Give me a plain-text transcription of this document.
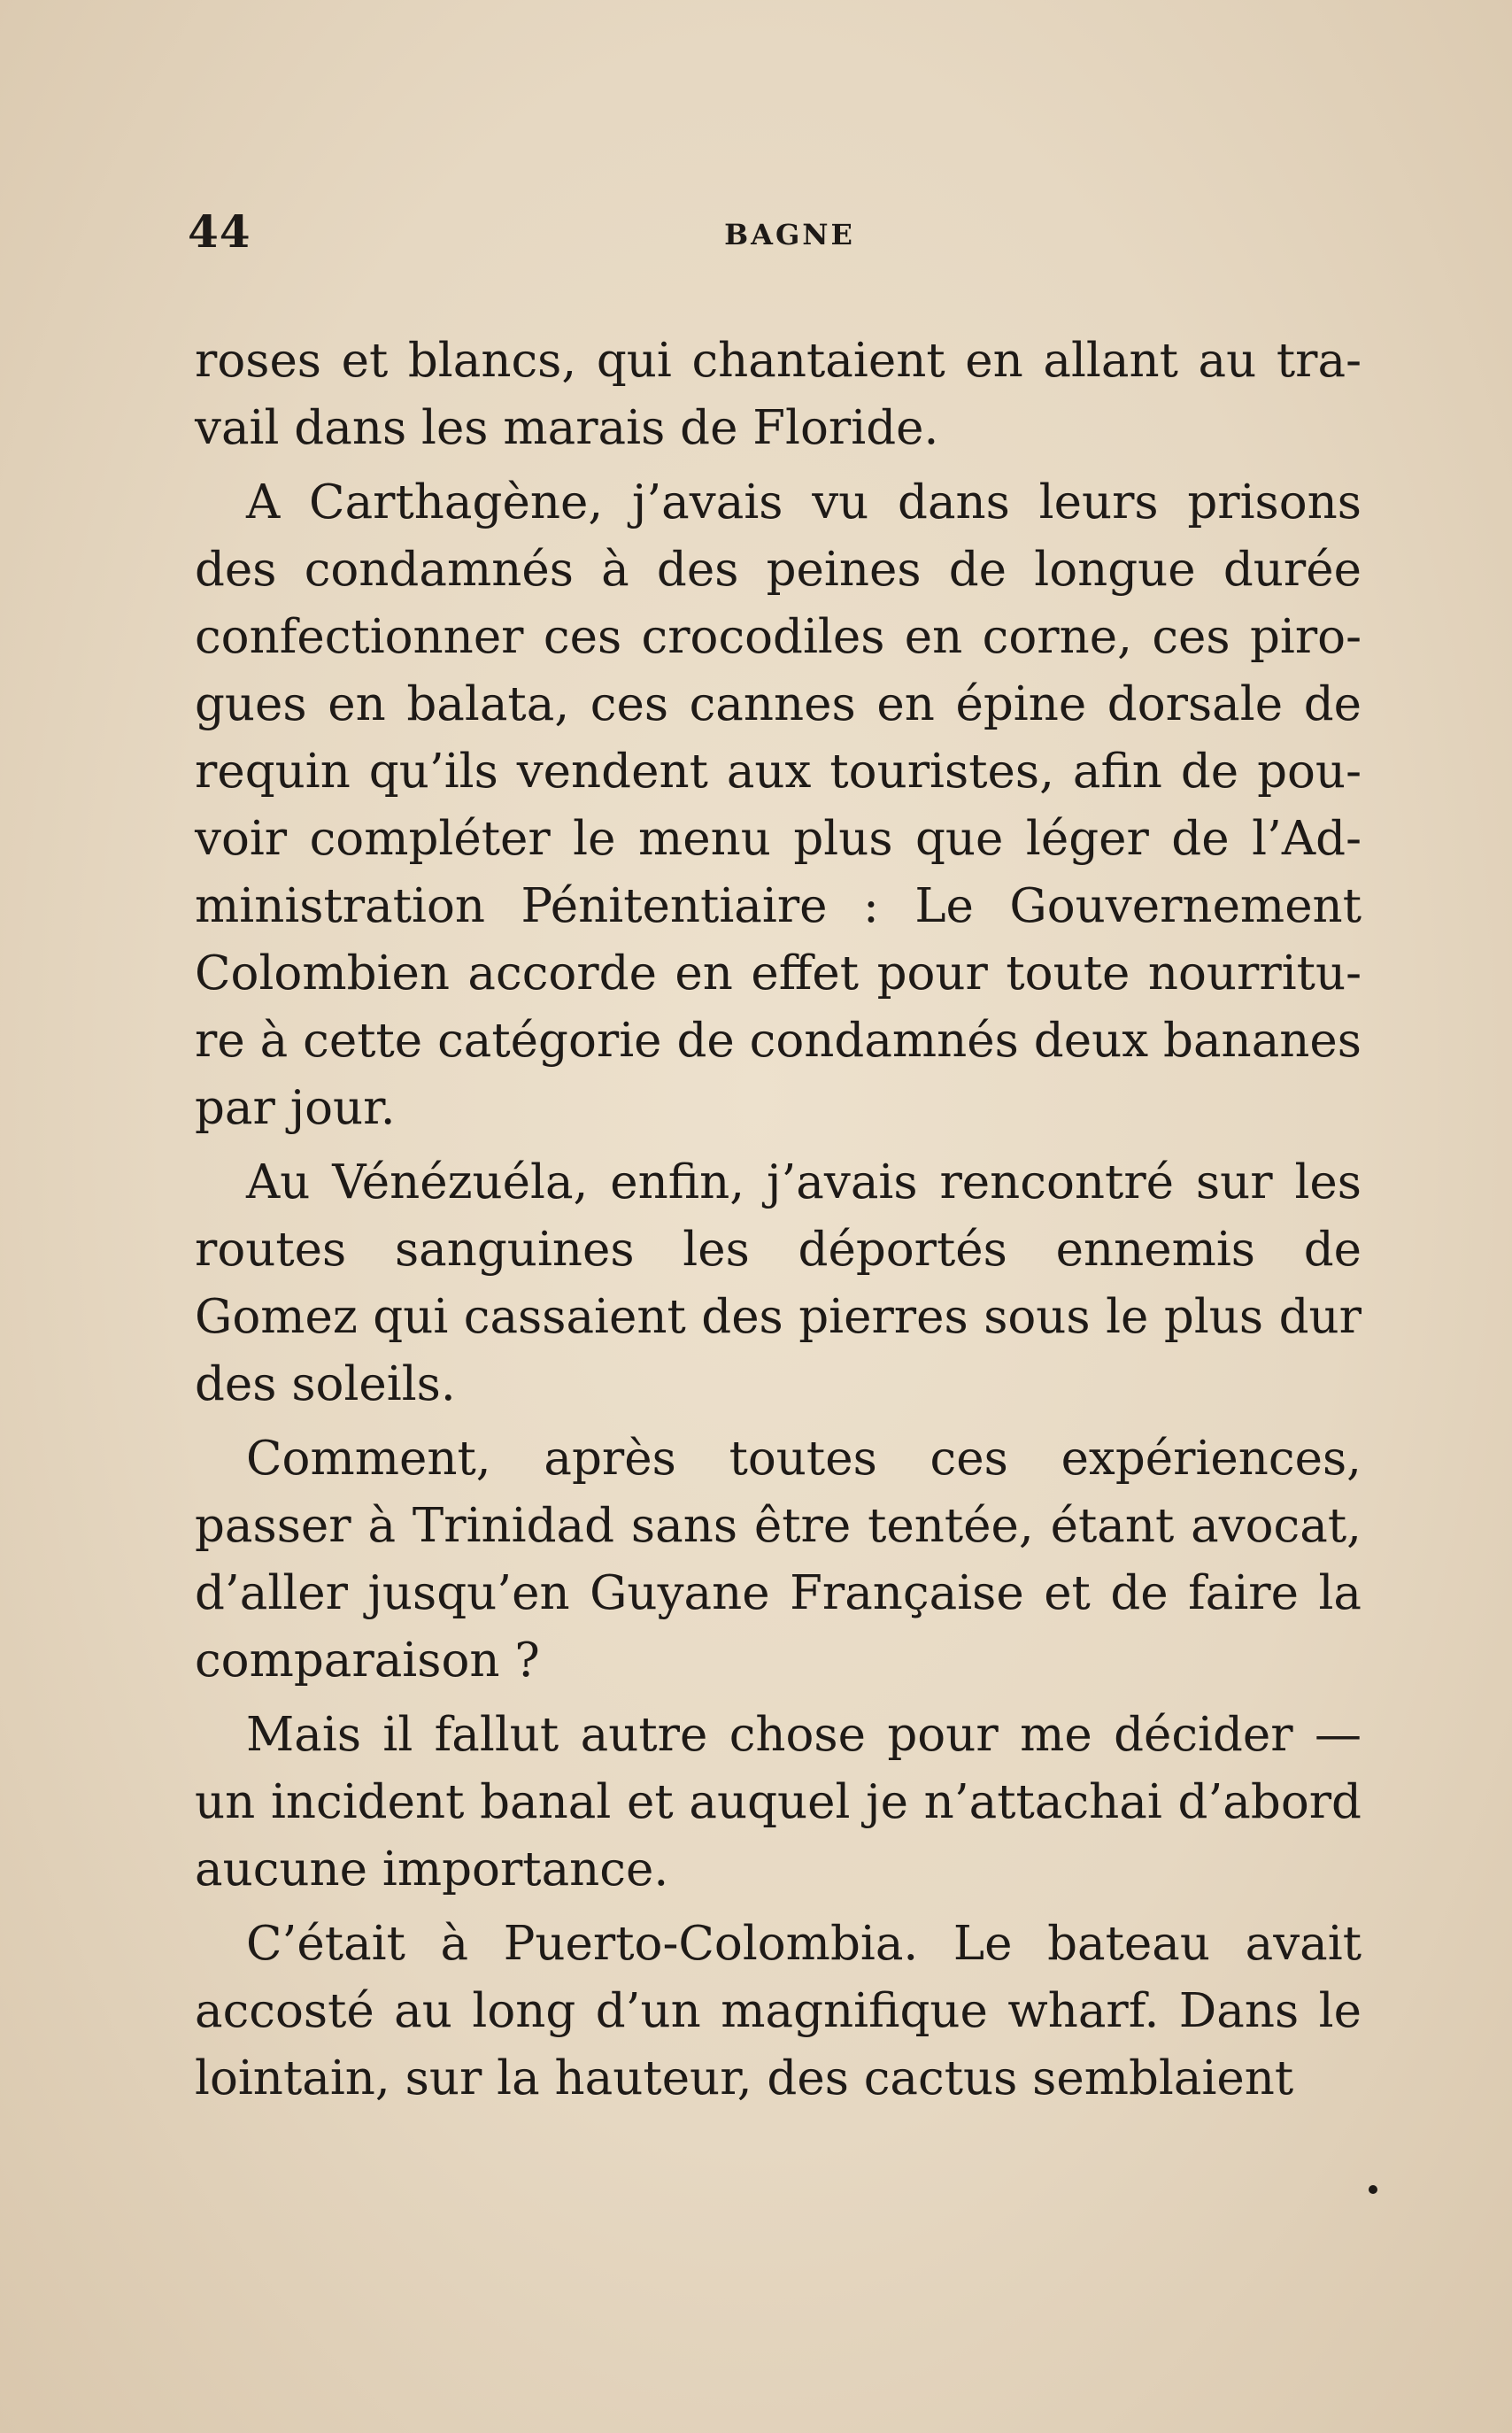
44	BAGNE

roses et blancs, qui chantaient en allant au travail dans les marais de Floride.

A Carthagène, j’avais vu dans leurs prisons des condamnés à des peines de longue durée confectionner ces crocodiles en corne, ces pirogues en balata, ces cannes en épine dorsale de requin qu’ils vendent aux touristes, afin de pouvoir compléter le menu plus que léger de l’Administration Pénitentiaire : Le Gouvernement Colombien accorde en effet pour toute nourriture à cette catégorie de condamnés deux bananes par jour.

Au Vénézuéla, enfin, j’avais rencontré sur les routes sanguines les déportés ennemis de Gomez qui cassaient des pierres sous le plus dur des soleils.

Comment, après toutes ces expériences, passer à Trinidad sans être tentée, étant avocat, d’aller jusqu’en Guyane Française et de faire la comparaison ?

Mais il fallut autre chose pour me décider — un incident banal et auquel je n’attachai d’abord aucune importance.

C’était à Puerto-Colombia. Le bateau avait accosté au long d’un magnifique wharf. Dans le lointain, sur la hauteur, des cactus semblaient
